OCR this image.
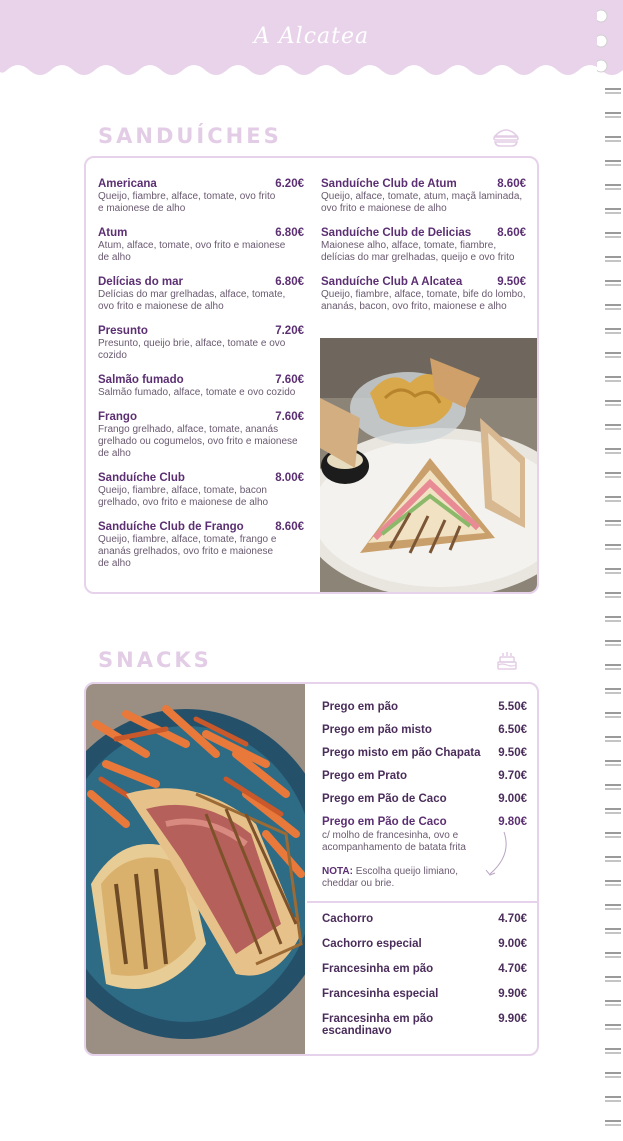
A Alcatea
SANDUÍCHES
Americana	6.20€
Queijo, fiambre, alface, tomate, ovo frito
e maionese de alho
Atum	6.80€
Atum, alface, tomate, ovo frito e maionese
de alho
Delícias do mar	6.80€
Delícias do mar grelhadas, alface, tomate,
ovo frito e maionese de alho
Presunto	7.20€
Presunto, queijo brie, alface, tomate e ovo
cozido
Salmão fumado	7.60€
Salmão fumado, alface, tomate e ovo cozido
Frango	7.60€
Frango grelhado, alface, tomate, ananás
grelhado ou cogumelos, ovo frito e maionese
de alho
Sanduíche Club	8.00€
Queijo, fiambre, alface, tomate, bacon
grelhado, ovo frito e maionese de alho
Sanduíche Club de Frango	8.60€
Queijo, fiambre, alface, tomate, frango e
ananás grelhados, ovo frito e maionese
de alho
Sanduíche Club de Atum	8.60€
Queijo, alface, tomate, atum, maçã laminada,
ovo frito e maionese de alho
Sanduíche Club de Delicias 8.60€
Maionese alho, alface, tomate, fiambre,
delícias do mar grelhadas, queijo e ovo frito
Sanduíche Club A Alcatea	9.50€
Queijo, fiambre, alface, tomate, bife do lombo,
ananás, bacon, ovo frito, maionese e alho
SNACKS
Prego em pão	5.50€
Prego em pão misto	6.50€
Prego misto em pão Chapata 9.50€
Prego em Prato	9.70€
Prego em Pão de Caco	9.00€
Prego em Pão de Caco	9.80€
c/ molho de francesinha, ovo e
acompanhamento de batata frita
NOTA: Escolha queijo limiano,
cheddar ou brie.
Cachorro	4.70€
Cachorro especial	9.00€
Francesinha em pão	4.70€
Francesinha especial	9.90€
Francesinha em pão
escandinavo
9.90€
